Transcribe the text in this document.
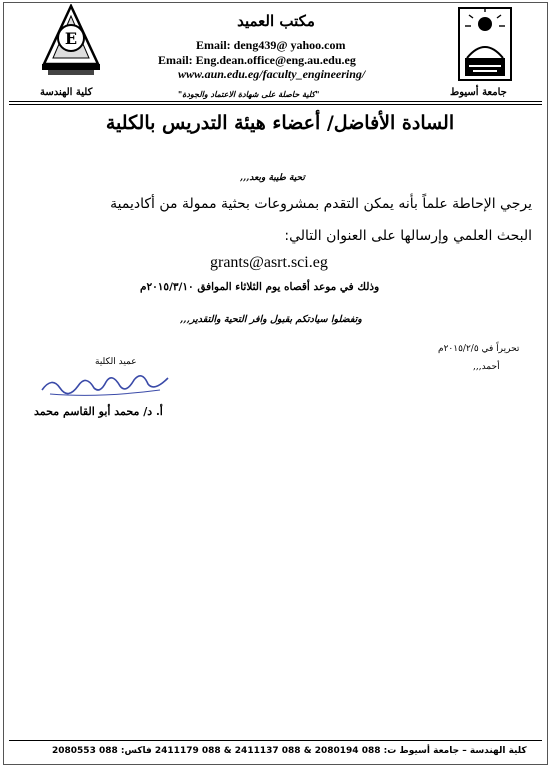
E
مكتب العميد
Email: deng439@ yahoo.com
Email: Eng.dean.office@eng.au.edu.eg
www.aun.edu.eg/faculty_engineering/
"كلية حاصلة على شهادة الاعتماد والجودة"
كلية الهندسة	جامعة أسيوط
السادة الأفاضل/ أعضاء هيئة التدريس بالكلية
تحية طيبة وبعد,,,
يرجي الإحاطة علماً بأنه يمكن التقدم بمشروعات بحثية ممولة من أكاديمية
البحث العلمي وإرسالها على العنوان التالي:
grants@asrt.sci.eg
وذلك في موعد أقصاه يوم الثلاثاء الموافق ٢٠١٥/٣/١٠م
وتفضلوا سيادتكم بقبول وافر التحية والتقدير,,,
تحريراً في ٢٠١٥/٢/٥م
أحمد,,,
عميد الكلية
أ. د/ محمد أبو القاسم محمد
كلية الهندسة – جامعة أسيوط ت: 088 2080194 & 088 2411137 & 088 2411179 فاكس: 088 2080553
